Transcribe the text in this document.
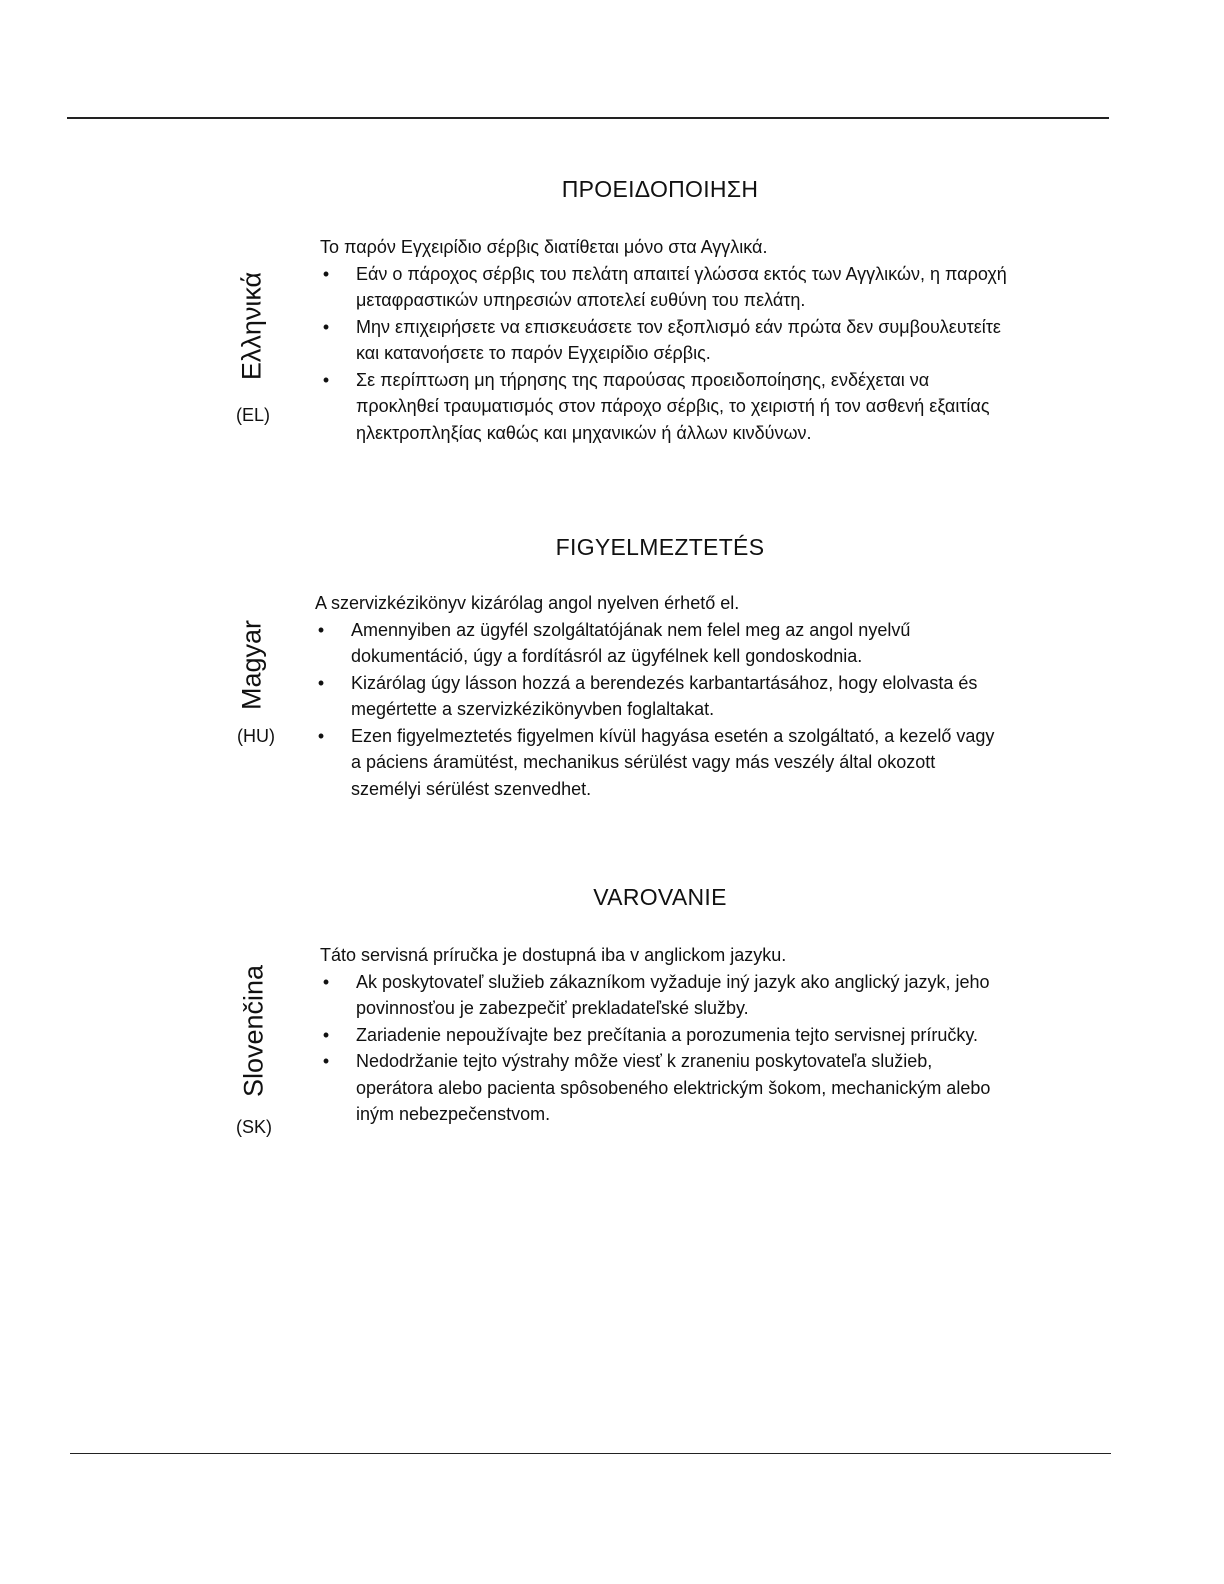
ΠΡΟΕΙΔΟΠΟΙΗΣΗ
Ελληνικά
(EL)

Το παρόν Εγχειρίδιο σέρβις διατίθεται μόνο στα Αγγλικά.

• Εάν ο πάροχος σέρβις του πελάτη απαιτεί γλώσσα εκτός των Αγγλικών, η παροχή μεταφραστικών υπηρεσιών αποτελεί ευθύνη του πελάτη.
• Μην επιχειρήσετε να επισκευάσετε τον εξοπλισμό εάν πρώτα δεν συμβουλευτείτε και κατανοήσετε το παρόν Εγχειρίδιο σέρβις.
• Σε περίπτωση μη τήρησης της παρούσας προειδοποίησης, ενδέχεται να προκληθεί τραυματισμός στον πάροχο σέρβις, το χειριστή ή τον ασθενή εξαιτίας ηλεκτροπληξίας καθώς και μηχανικών ή άλλων κινδύνων.
FIGYELMEZTETÉS
Magyar
(HU)

A szervizkézikönyv kizárólag angol nyelven érhető el.

• Amennyiben az ügyfél szolgáltatójának nem felel meg az angol nyelvű dokumentáció, úgy a fordításról az ügyfélnek kell gondoskodnia.
• Kizárólag úgy lásson hozzá a berendezés karbantartásához, hogy elolvasta és megértette a szervizkézikönyvben foglaltakat.
• Ezen figyelmeztetés figyelmen kívül hagyása esetén a szolgáltató, a kezelő vagy a páciens áramütést, mechanikus sérülést vagy más veszély által okozott személyi sérülést szenvedhet.
VAROVANIE
Slovenčina
(SK)

Táto servisná príručka je dostupná iba v anglickom jazyku.

• Ak poskytovateľ služieb zákazníkom vyžaduje iný jazyk ako anglický jazyk, jeho povinnosťou je zabezpečiť prekladateľské služby.
• Zariadenie nepoužívajte bez prečítania a porozumenia tejto servisnej príručky.
• Nedodržanie tejto výstrahy môže viesť k zraneniu poskytovateľa služieb, operátora alebo pacienta spôsobeného elektrickým šokom, mechanickým alebo iným nebezpečenstvom.
